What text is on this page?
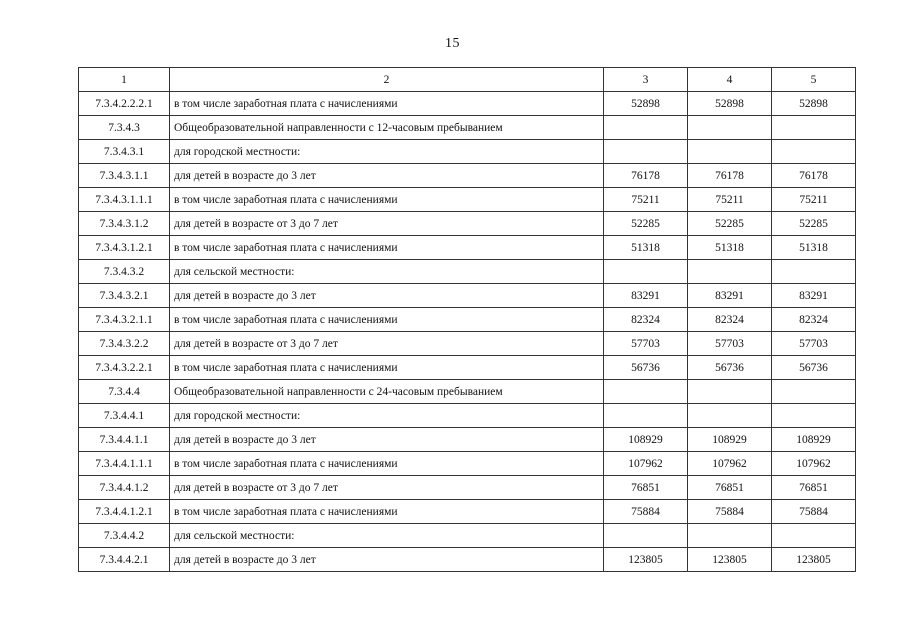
15
1	2	3	4	5
7.3.4.2.2.2.1	в том числе заработная плата с начислениями	52898	52898	52898
7.3.4.3	Общеобразовательной направленности с 12-часовым пребыванием			
7.3.4.3.1	для городской местности:			
7.3.4.3.1.1	для детей в возрасте до 3 лет	76178	76178	76178
7.3.4.3.1.1.1	в том числе заработная плата с начислениями	75211	75211	75211
7.3.4.3.1.2	для детей в возрасте от 3 до 7 лет	52285	52285	52285
7.3.4.3.1.2.1	в том числе заработная плата с начислениями	51318	51318	51318
7.3.4.3.2	для сельской местности:			
7.3.4.3.2.1	для детей в возрасте до 3 лет	83291	83291	83291
7.3.4.3.2.1.1	в том числе заработная плата с начислениями	82324	82324	82324
7.3.4.3.2.2	для детей в возрасте от 3 до 7 лет	57703	57703	57703
7.3.4.3.2.2.1	в том числе заработная плата с начислениями	56736	56736	56736
7.3.4.4	Общеобразовательной направленности с 24-часовым пребыванием			
7.3.4.4.1	для городской местности:			
7.3.4.4.1.1	для детей в возрасте до 3 лет	108929	108929	108929
7.3.4.4.1.1.1	в том числе заработная плата с начислениями	107962	107962	107962
7.3.4.4.1.2	для детей в возрасте от 3 до 7 лет	76851	76851	76851
7.3.4.4.1.2.1	в том числе заработная плата с начислениями	75884	75884	75884
7.3.4.4.2	для сельской местности:			
7.3.4.4.2.1	для детей в возрасте до 3 лет	123805	123805	123805
